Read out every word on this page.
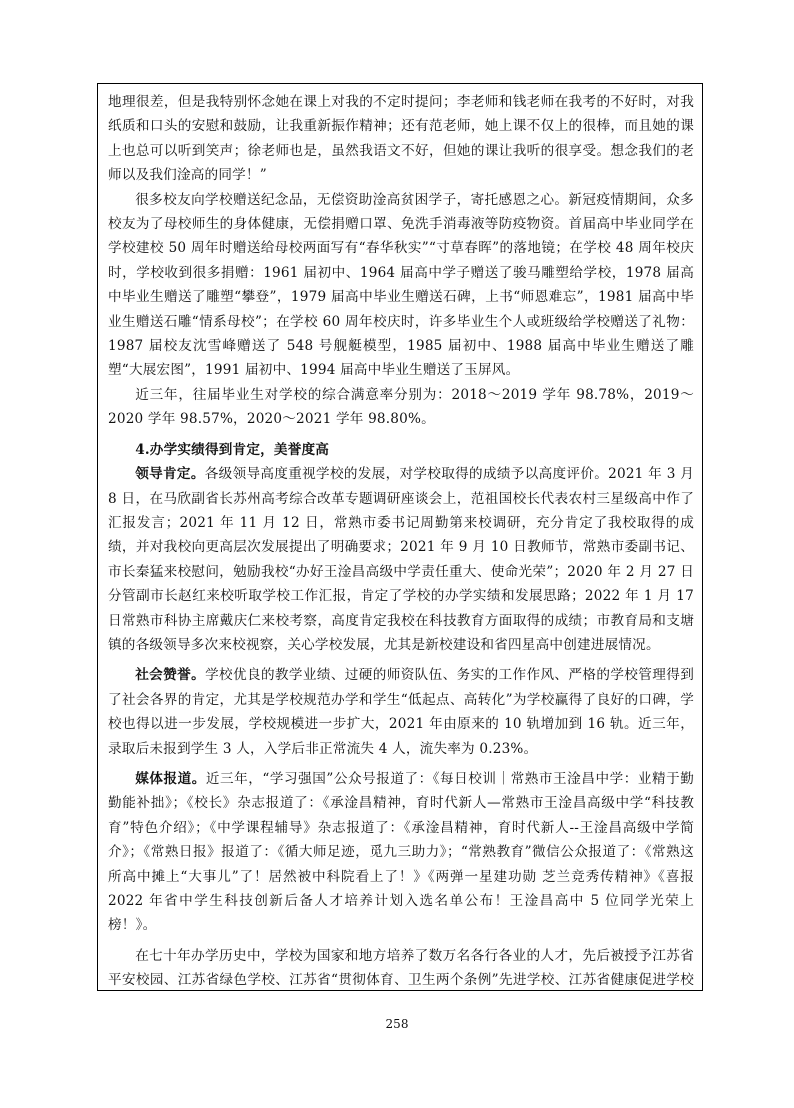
地理很差，但是我特别怀念她在课上对我的不定时提问；李老师和钱老师在我考的不好时，对我纸质和口头的安慰和鼓励，让我重新振作精神；还有范老师，她上课不仅上的很棒，而且她的课上也总可以听到笑声；徐老师也是，虽然我语文不好，但她的课让我听的很享受。想念我们的老师以及我们淦高的同学！”

很多校友向学校赠送纪念品，无偿资助淦高贫困学子，寄托感恩之心。新冠疫情期间，众多校友为了母校师生的身体健康，无偿捐赠口罩、免洗手消毒液等防疫物资。首届高中毕业同学在学校建校 50 周年时赠送给母校两面写有“春华秋实”“寸草春晖”的落地镜；在学校 48 周年校庆时，学校收到很多捐赠：1961 届初中、1964 届高中学子赠送了骏马雕塑给学校，1978 届高中毕业生赠送了雕塑“攀登”，1979 届高中毕业生赠送石碑，上书“师恩难忘”，1981 届高中毕业生赠送石雕“情系母校”；在学校 60 周年校庆时，许多毕业生个人或班级给学校赠送了礼物：1987 届校友沈雪峰赠送了 548 号舰艇模型，1985 届初中、1988 届高中毕业生赠送了雕塑“大展宏图”，1991 届初中、1994 届高中毕业生赠送了玉屏风。

近三年，往届毕业生对学校的综合满意率分别为：2018～2019 学年 98.78%，2019～2020 学年 98.57%，2020～2021 学年 98.80%。

4.办学实绩得到肯定，美誉度高

领导肯定。各级领导高度重视学校的发展，对学校取得的成绩予以高度评价。2021 年 3 月 8 日，在马欣副省长苏州高考综合改革专题调研座谈会上，范祖国校长代表农村三星级高中作了汇报发言；2021 年 11 月 12 日，常熟市委书记周勤第来校调研，充分肯定了我校取得的成绩，并对我校向更高层次发展提出了明确要求；2021 年 9 月 10 日教师节，常熟市委副书记、市长秦猛来校慰问，勉励我校“办好王淦昌高级中学责任重大、使命光荣”；2020 年 2 月 27 日分管副市长赵红来校听取学校工作汇报，肯定了学校的办学实绩和发展思路；2022 年 1 月 17 日常熟市科协主席戴庆仁来校考察，高度肯定我校在科技教育方面取得的成绩；市教育局和支塘镇的各级领导多次来校视察，关心学校发展，尤其是新校建设和省四星高中创建进展情况。

社会赞誉。学校优良的教学业绩、过硬的师资队伍、务实的工作作风、严格的学校管理得到了社会各界的肯定，尤其是学校规范办学和学生“低起点、高转化”为学校赢得了良好的口碑，学校也得以进一步发展，学校规模进一步扩大，2021 年由原来的 10 轨增加到 16 轨。近三年，录取后未报到学生 3 人，入学后非正常流失 4 人，流失率为 0.23%。

媒体报道。近三年，“学习强国”公众号报道了：《每日校训｜常熟市王淦昌中学：业精于勤 勤能补拙》；《校长》杂志报道了：《承淦昌精神，育时代新人—常熟市王淦昌高级中学“科技教育”特色介绍》；《中学课程辅导》杂志报道了：《承淦昌精神，育时代新人--王淦昌高级中学简介》；《常熟日报》报道了：《循大师足迹，觅九三助力》；“常熟教育”微信公众报道了：《常熟这所高中摊上“大事儿”了！居然被中科院看上了！》《两弹一星建功勋 芝兰竞秀传精神》《喜报 2022 年省中学生科技创新后备人才培养计划入选名单公布！王淦昌高中 5 位同学光荣上榜！》。

在七十年办学历史中，学校为国家和地方培养了数万名各行各业的人才，先后被授予江苏省平安校园、江苏省绿色学校、江苏省“贯彻体育、卫生两个条例”先进学校、江苏省健康促进学校

258
